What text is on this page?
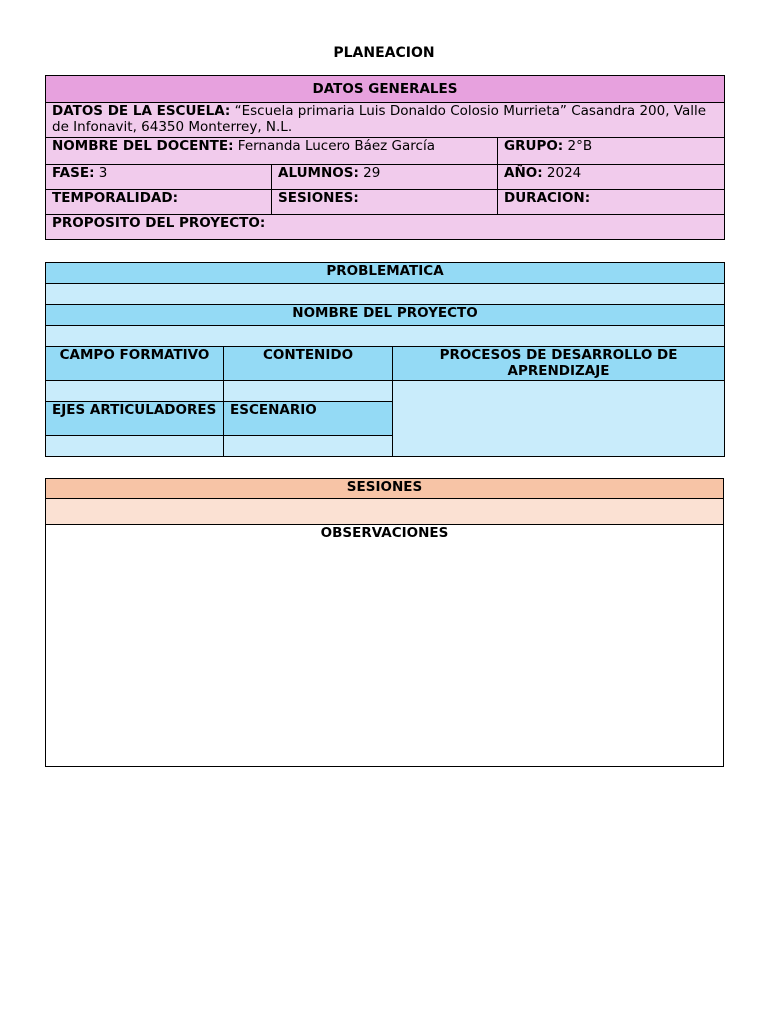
PLANEACION
DATOS GENERALES		
DATOS DE LA ESCUELA: “Escuela primaria Luis Donaldo Colosio Murrieta” Casandra 200, Valle de Infonavit, 64350 Monterrey, N.L.		
NOMBRE DEL DOCENTE: Fernanda Lucero Báez García		GRUPO: 2°B
FASE: 3	ALUMNOS: 29	AÑO: 2024
TEMPORALIDAD:	SESIONES:	DURACION:
PROPOSITO DEL PROYECTO:		
PROBLEMATICA		

NOMBRE DEL PROYECTO		

CAMPO FORMATIVO	CONTENIDO	PROCESOS DE DESARROLLO DE APRENDIZAJE

EJES ARTICULADORES	ESCENARIO	

SESIONES

OBSERVACIONES
